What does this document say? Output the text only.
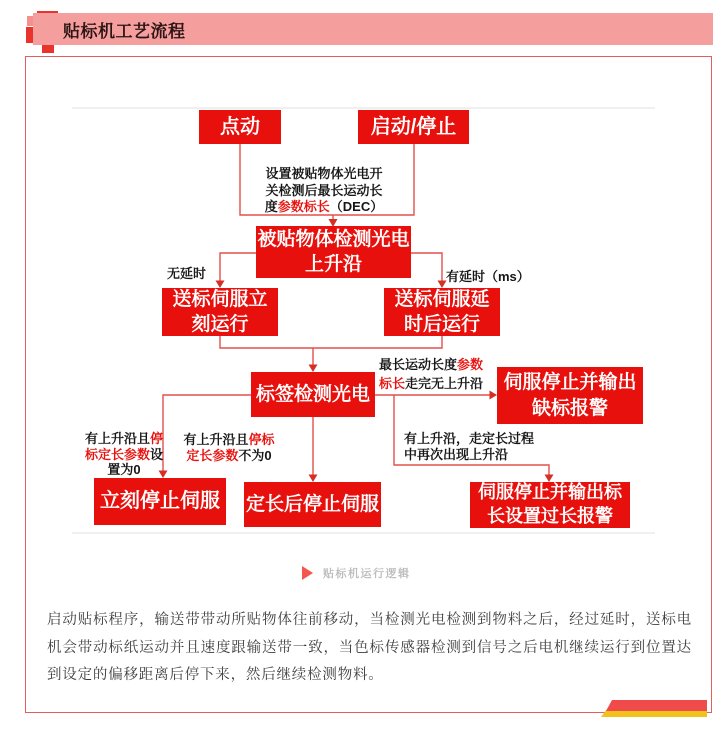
贴标机工艺流程
点动	启动/停止
被贴物体检测光电
上升沿
送标伺服立
刻运行
送标伺服延
时后运行
标签检测光电
伺服停止并输出
缺标报警
立刻停止伺服 定长后停止伺服
伺服停止并输出标
长设置过长报警
设置被贴物体光电开
关检测后最长运动长
度参数标长（DEC）
无延时	有延时（ms）
最长运动长度参数
标长走完无上升沿
有上升沿且停标定长参数设置为0
有上升沿且停标定长参数不为0
有上升沿，走定长过程中再次出现上升沿
贴标机运行逻辑
启动贴标程序，输送带带动所贴物体往前移动，当检测光电检测到物料之后，经过延时，送标电机会带动标纸运动并且速度跟输送带一致，当色标传感器检测到信号之后电机继续运行到位置达到设定的偏移距离后停下来，然后继续检测物料。
